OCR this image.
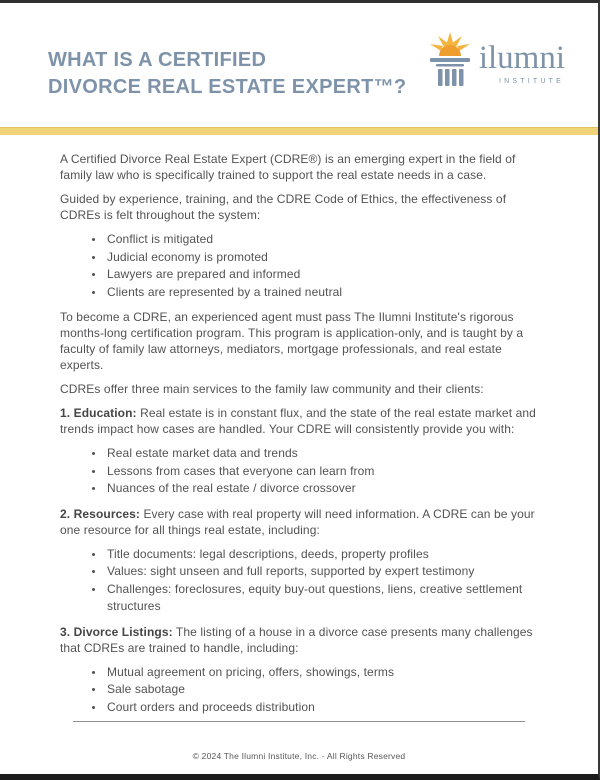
WHAT IS A CERTIFIED
DIVORCE REAL ESTATE EXPERT™?
ilumni
INSTITUTE

A Certified Divorce Real Estate Expert (CDRE®) is an emerging expert in the field of family law who is specifically trained to support the real estate needs in a case.

Guided by experience, training, and the CDRE Code of Ethics, the effectiveness of CDREs is felt throughout the system:

• Conflict is mitigated
• Judicial economy is promoted
• Lawyers are prepared and informed
• Clients are represented by a trained neutral

To become a CDRE, an experienced agent must pass The Ilumni Institute's rigorous months-long certification program. This program is application-only, and is taught by a faculty of family law attorneys, mediators, mortgage professionals, and real estate experts.

CDREs offer three main services to the family law community and their clients:

1. Education: Real estate is in constant flux, and the state of the real estate market and trends impact how cases are handled. Your CDRE will consistently provide you with:

• Real estate market data and trends
• Lessons from cases that everyone can learn from
• Nuances of the real estate / divorce crossover

2. Resources: Every case with real property will need information. A CDRE can be your one resource for all things real estate, including:

• Title documents: legal descriptions, deeds, property profiles
• Values: sight unseen and full reports, supported by expert testimony
• Challenges: foreclosures, equity buy-out questions, liens, creative settlement structures

3. Divorce Listings: The listing of a house in a divorce case presents many challenges that CDREs are trained to handle, including:

• Mutual agreement on pricing, offers, showings, terms
• Sale sabotage
• Court orders and proceeds distribution
© 2024 The Ilumni Institute, Inc. - All Rights Reserved
